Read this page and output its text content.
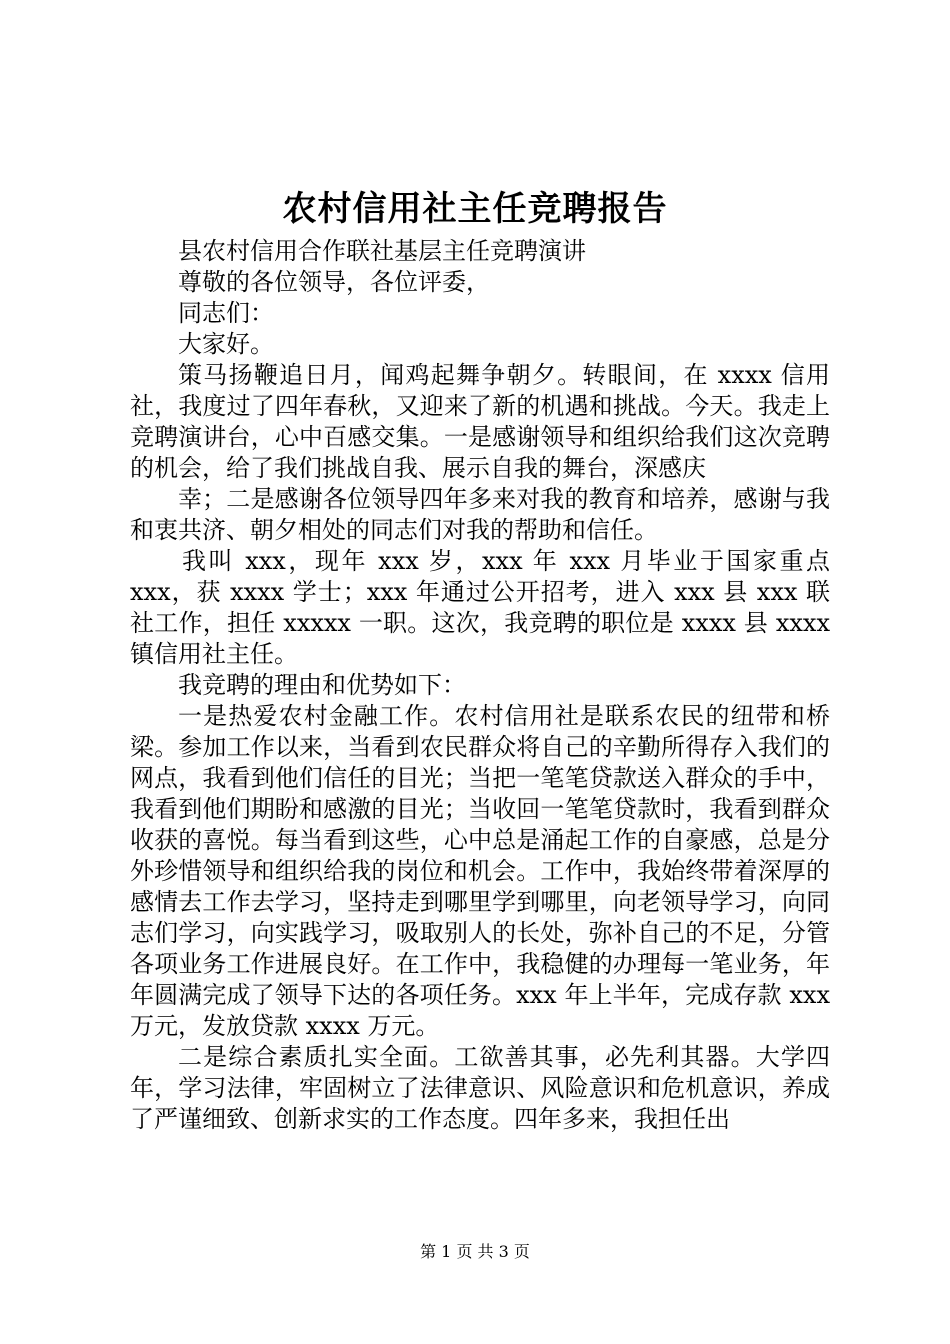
农村信用社主任竞聘报告

县农村信用合作联社基层主任竞聘演讲

尊敬的各位领导，各位评委，

同志们：

大家好。

策马扬鞭追日月，闻鸡起舞争朝夕。转眼间，在 xxxx 信用社，我度过了四年春秋，又迎来了新的机遇和挑战。今天。我走上竞聘演讲台，心中百感交集。一是感谢领导和组织给我们这次竞聘的机会，给了我们挑战自我、展示自我的舞台，深感庆

幸；二是感谢各位领导四年多来对我的教育和培养，感谢与我和衷共济、朝夕相处的同志们对我的帮助和信任。

我叫 xxx，现年 xxx 岁，xxx 年 xxx 月毕业于国家重点 xxx，获 xxxx 学士；xxx 年通过公开招考，进入 xxx 县 xxx 联社工作，担任 xxxxx 一职。这次，我竞聘的职位是 xxxx 县 xxxx 镇信用社主任。

我竞聘的理由和优势如下：

一是热爱农村金融工作。农村信用社是联系农民的纽带和桥梁。参加工作以来，当看到农民群众将自己的辛勤所得存入我们的网点，我看到他们信任的目光；当把一笔笔贷款送入群众的手中，我看到他们期盼和感激的目光；当收回一笔笔贷款时，我看到群众收获的喜悦。每当看到这些，心中总是涌起工作的自豪感，总是分外珍惜领导和组织给我的岗位和机会。工作中，我始终带着深厚的感情去工作去学习，坚持走到哪里学到哪里，向老领导学习，向同志们学习，向实践学习，吸取别人的长处，弥补自己的不足，分管各项业务工作进展良好。在工作中，我稳健的办理每一笔业务，年年圆满完成了领导下达的各项任务。xxx 年上半年，完成存款 xxx 万元，发放贷款 xxxx 万元。

二是综合素质扎实全面。工欲善其事，必先利其器。大学四年，学习法律，牢固树立了法律意识、风险意识和危机意识，养成了严谨细致、创新求实的工作态度。四年多来，我担任出

第 1 页 共 3 页
